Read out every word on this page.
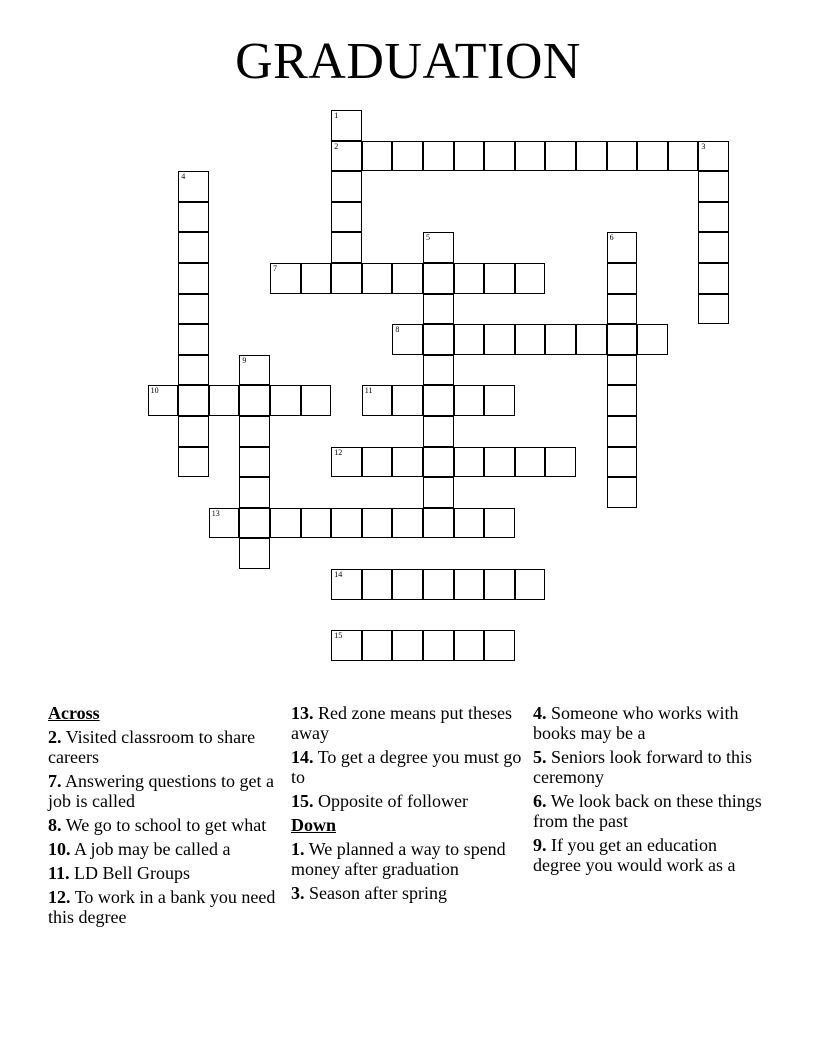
GRADUATION
1
2	3
4
5	6
7
8
9
10	11
12
13
14
15
Across
2. Visited classroom to share careers
7. Answering questions to get a job is called
8. We go to school to get what
10. A job may be called a
11. LD Bell Groups
12. To work in a bank you need this degree
13. Red zone means put theses away
14. To get a degree you must go to
15. Opposite of follower
Down
1. We planned a way to spend money after graduation
3. Season after spring
4. Someone who works with books may be a
5. Seniors look forward to this ceremony
6. We look back on these things from the past
9. If you get an education degree you would work as a
